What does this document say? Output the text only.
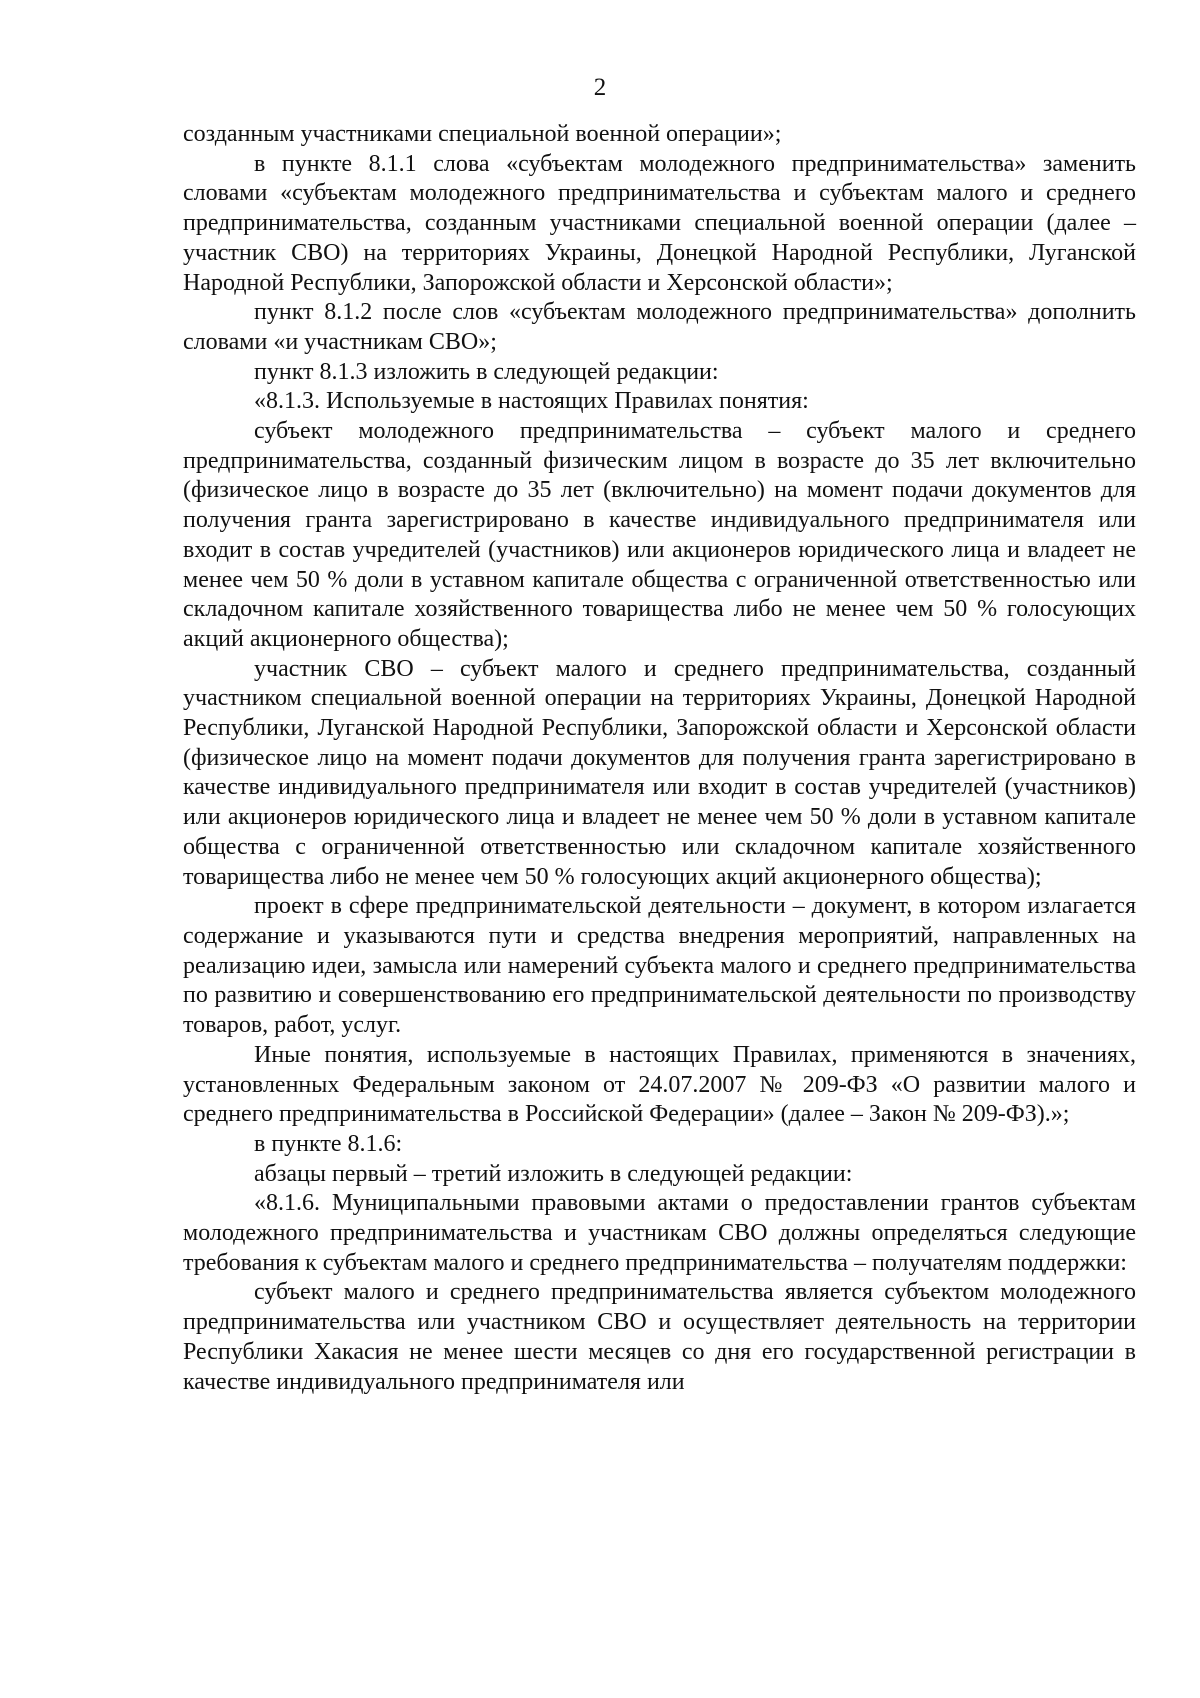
2

созданным участниками специальной военной операции»;

в пункте 8.1.1 слова «субъектам молодежного предпринимательства» заменить словами «субъектам молодежного предпринимательства и субъектам малого и среднего предпринимательства, созданным участниками специальной военной операции (далее – участник СВО) на территориях Украины, Донецкой Народной Республики, Луганской Народной Республики, Запорожской области и Херсонской области»;

пункт 8.1.2 после слов «субъектам молодежного предпринимательства» дополнить словами «и участникам СВО»;

пункт 8.1.3 изложить в следующей редакции:

«8.1.3. Используемые в настоящих Правилах понятия:

субъект молодежного предпринимательства – субъект малого и среднего предпринимательства, созданный физическим лицом в возрасте до 35 лет включительно (физическое лицо в возрасте до 35 лет (включительно) на момент подачи документов для получения гранта зарегистрировано в качестве индивидуального предпринимателя или входит в состав учредителей (участников) или акционеров юридического лица и владеет не менее чем 50 % доли в уставном капитале общества с ограниченной ответственностью или складочном капитале хозяйственного товарищества либо не менее чем 50 % голосующих акций акционерного общества);

участник СВО – субъект малого и среднего предпринимательства, созданный участником специальной военной операции на территориях Украины, Донецкой Народной Республики, Луганской Народной Республики, Запорожской области и Херсонской области (физическое лицо на момент подачи документов для получения гранта зарегистрировано в качестве индивидуального предпринимателя или входит в состав учредителей (участников) или акционеров юридического лица и владеет не менее чем 50 % доли в уставном капитале общества с ограниченной ответственностью или складочном капитале хозяйственного товарищества либо не менее чем 50 % голосующих акций акционерного общества);

проект в сфере предпринимательской деятельности – документ, в котором излагается содержание и указываются пути и средства внедрения мероприятий, направленных на реализацию идеи, замысла или намерений субъекта малого и среднего предпринимательства по развитию и совершенствованию его предпринимательской деятельности по производству товаров, работ, услуг.

Иные понятия, используемые в настоящих Правилах, применяются в значениях, установленных Федеральным законом от 24.07.2007 № 209-ФЗ «О развитии малого и среднего предпринимательства в Российской Федерации» (далее – Закон № 209-ФЗ).»;

в пункте 8.1.6:

абзацы первый – третий изложить в следующей редакции:

«8.1.6. Муниципальными правовыми актами о предоставлении грантов субъектам молодежного предпринимательства и участникам СВО должны определяться следующие требования к субъектам малого и среднего предпринимательства – получателям поддержки:

субъект малого и среднего предпринимательства является субъектом молодежного предпринимательства или участником СВО и осуществляет деятельность на территории Республики Хакасия не менее шести месяцев со дня его государственной регистрации в качестве индивидуального предпринимателя или
